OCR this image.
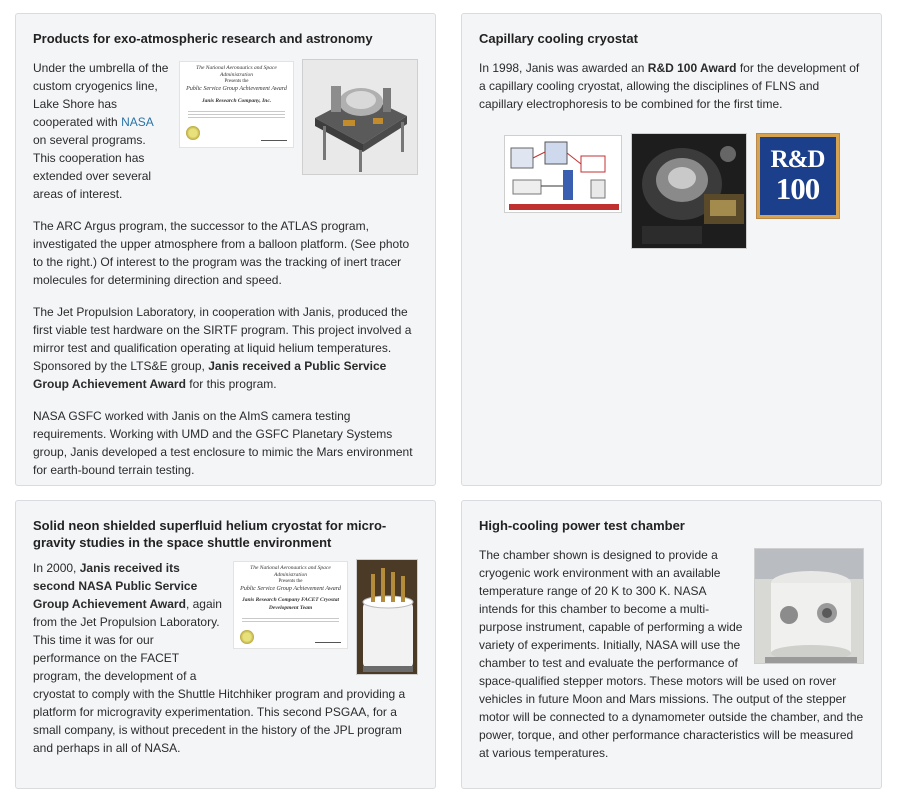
Products for exo-atmospheric research and astronomy
The National Aeronautics and Space Administration
Presents the
Public Service Group Achievement Award
Janis Research Company, Inc.

Under the umbrella of the custom cryogenics line, Lake Shore has cooperated with NASA on several programs. This cooperation has extended over several areas of interest.

The ARC Argus program, the successor to the ATLAS program, investigated the upper atmosphere from a balloon platform. (See photo to the right.) Of interest to the program was the tracking of inert tracer molecules for determining direction and speed.

The Jet Propulsion Laboratory, in cooperation with Janis, produced the first viable test hardware on the SIRTF program. This project involved a mirror test and qualification operating at liquid helium temperatures. Sponsored by the LTS&E group, Janis received a Public Service Group Achievement Award for this program.

NASA GSFC worked with Janis on the AImS camera testing requirements. Working with UMD and the GSFC Planetary Systems group, Janis developed a test enclosure to mimic the Mars environment for earth-bound terrain testing.

Capillary cooling cryostat

In 1998, Janis was awarded an R&D 100 Award for the development of a capillary cooling cryostat, allowing the disciplines of FLNS and capillary electrophoresis to be combined for the first time.

R&D
100
Solid neon shielded superfluid helium cryostat for micro-gravity studies in the space shuttle environment
The National Aeronautics and Space Administration
Presents the
Public Service Group Achievement Award
Janis Research Company FACET Cryostat Development Team

In 2000, Janis received its second NASA Public Service Group Achievement Award, again from the Jet Propulsion Laboratory. This time it was for our performance on the FACET program, the development of a cryostat to comply with the Shuttle Hitchhiker program and providing a platform for microgravity experimentation. This second PSGAA, for a small company, is without precedent in the history of the JPL program and perhaps in all of NASA.

High-cooling power test chamber

The chamber shown is designed to provide a cryogenic work environment with an available temperature range of 20 K to 300 K. NASA intends for this chamber to become a multi-purpose instrument, capable of performing a wide variety of experiments. Initially, NASA will use the chamber to test and evaluate the performance of space-qualified stepper motors. These motors will be used on rover vehicles in future Moon and Mars missions. The output of the stepper motor will be connected to a dynamometer outside the chamber, and the power, torque, and other performance characteristics will be measured at various temperatures.
